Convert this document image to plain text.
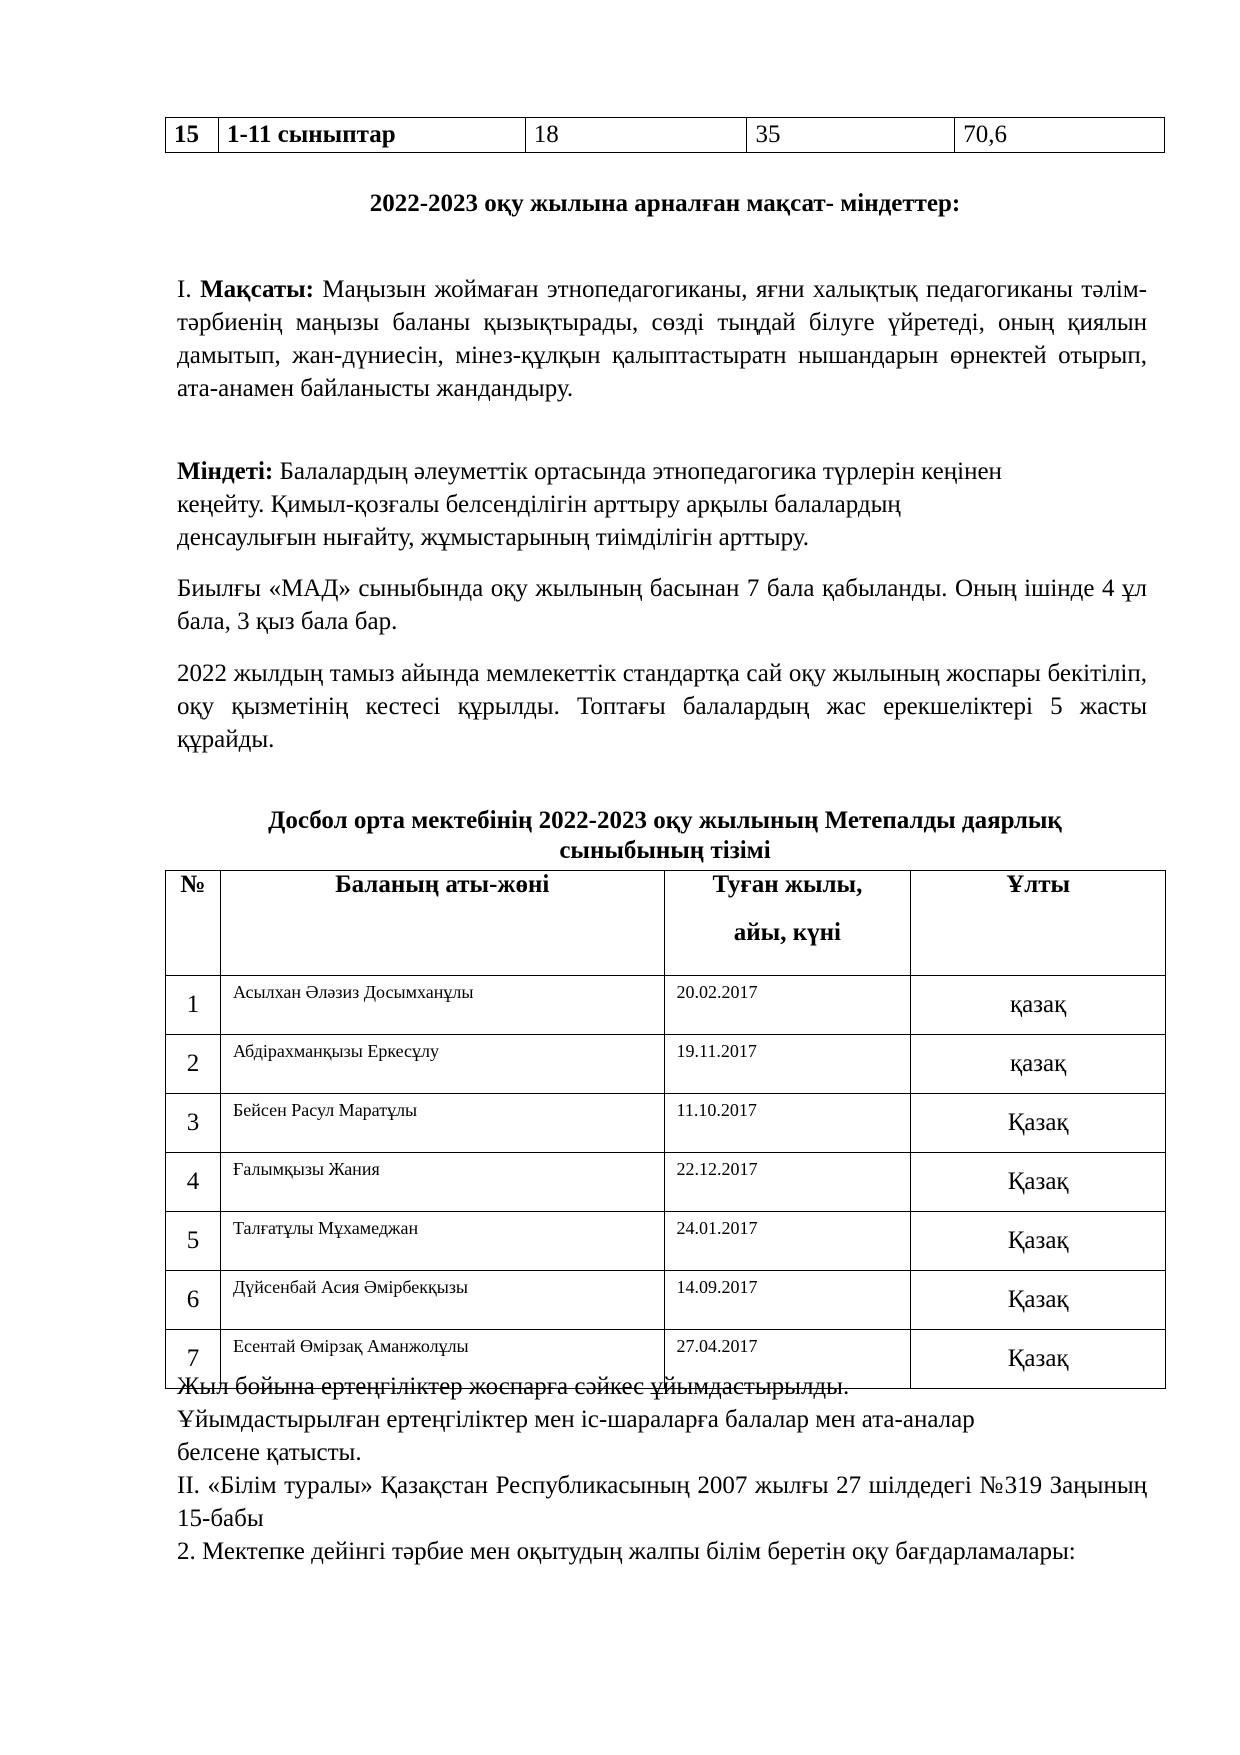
15	1-11 сыныптар	18	35	70,6
2022-2023 оқу жылына арналған мақсат- міндеттер:
I. Мақсаты: Маңызын жоймаған этнопедагогиканы, яғни халықтық педагогиканы тәлім-тәрбиенің маңызы баланы қызықтырады, сөзді тыңдай білуге үйретеді, оның қиялын дамытып, жан-дүниесін, мінез-құлқын қалыптастыратн нышандарын өрнектей отырып, ата-анамен байланысты жандандыру.
Міндеті: Балалардың әлеуметтік ортасында этнопедагогика түрлерін кеңінен
кеңейту. Қимыл-қозғалы белсенділігін арттыру арқылы балалардың
денсаулығын нығайту, жұмыстарының тиімділігін арттыру.
Биылғы «МАД» сыныбында оқу жылының басынан 7 бала қабыланды. Оның ішінде 4 ұл бала, 3 қыз бала бар.
2022 жылдың тамыз айында мемлекеттік стандартқа сай оқу жылының жоспары бекітіліп, оқу қызметінің кестесі құрылды. Топтағы балалардың жас ерекшеліктері 5 жасты құрайды.
Досбол орта мектебінің 2022-2023 оқу жылының Метепалды даярлық
сыныбының тізімі
№	Баланың аты-жөні	Туған жылы,
айы, күні	Ұлты
1	Асылхан Әлəзиз Досымханұлы	20.02.2017	қазақ
2	Абдірахманқызы Еркесұлу	19.11.2017	қазақ
3	Бейсен Расул Маратұлы	11.10.2017	Қазақ
4	Ғалымқызы Жания	22.12.2017	Қазақ
5	Талғатұлы Мұхамеджан	24.01.2017	Қазақ
6	Дүйсенбай Асия Әмірбекқызы	14.09.2017	Қазақ
7	Есентай Өмірзақ Аманжолұлы	27.04.2017	Қазақ
Жыл бойына ертеңгіліктер жоспарға сәйкес ұйымдастырылды.
Ұйымдастырылған ертеңгіліктер мен іс-шараларға балалар мен ата-аналар
белсене қатысты.
II. «Білім туралы» Қазақстан Республикасының 2007 жылғы 27 шілдедегі №319 Заңының 15-бабы
2. Мектепке дейінгі тәрбие мен оқытудың жалпы білім беретін оқу бағдарламалары:
